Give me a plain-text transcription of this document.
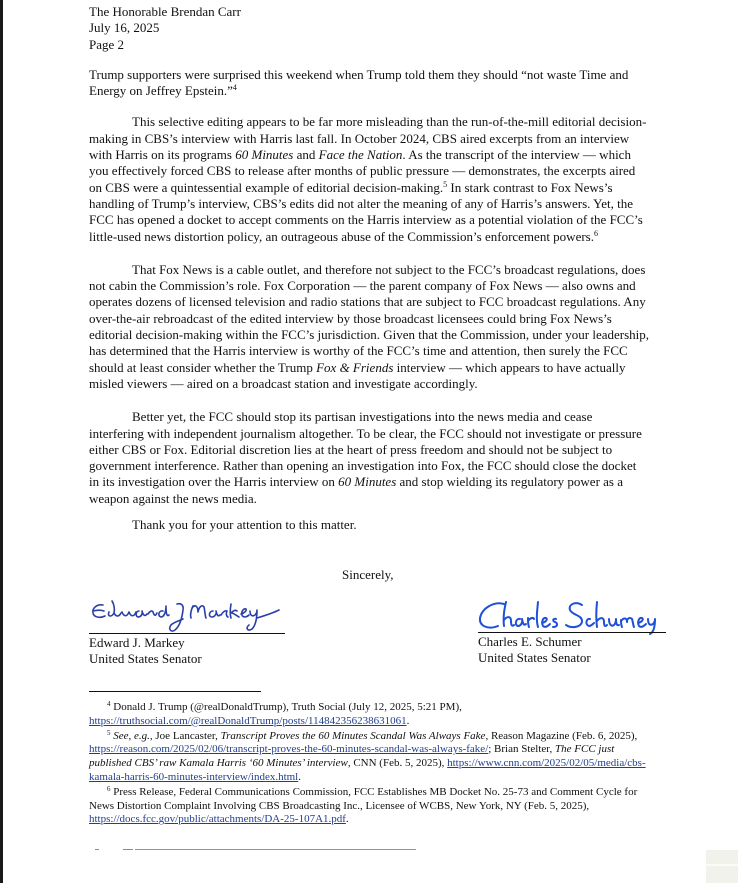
The Honorable Brendan Carr

July 16, 2025

Page 2

Trump supporters were surprised this weekend when Trump told them they should “not waste Time and Energy on Jeffrey Epstein.”$^4$

This selective editing appears to be far more misleading than the run-of-the-mill editorial decision-making in CBS’s interview with Harris last fall. In October 2024, CBS aired excerpts from an interview with Harris on its programs 60 Minutes and Face the Nation. As the transcript of the interview — which you effectively forced CBS to release after months of public pressure — demonstrates, the excerpts aired on CBS were a quintessential example of editorial decision-making.$^5$ In stark contrast to Fox News’s handling of Trump’s interview, CBS’s edits did not alter the meaning of any of Harris’s answers. Yet, the FCC has opened a docket to accept comments on the Harris interview as a potential violation of the FCC’s little-used news distortion policy, an outrageous abuse of the Commission’s enforcement powers.$^6$

That Fox News is a cable outlet, and therefore not subject to the FCC’s broadcast regulations, does not cabin the Commission’s role. Fox Corporation — the parent company of Fox News — also owns and operates dozens of licensed television and radio stations that are subject to FCC broadcast regulations. Any over-the-air rebroadcast of the edited interview by those broadcast licensees could bring Fox News’s editorial decision-making within the FCC’s jurisdiction. Given that the Commission, under your leadership, has determined that the Harris interview is worthy of the FCC’s time and attention, then surely the FCC should at least consider whether the Trump Fox & Friends interview — which appears to have actually misled viewers — aired on a broadcast station and investigate accordingly.

Better yet, the FCC should stop its partisan investigations into the news media and cease interfering with independent journalism altogether. To be clear, the FCC should not investigate or pressure either CBS or Fox. Editorial discretion lies at the heart of press freedom and should not be subject to government interference. Rather than opening an investigation into Fox, the FCC should close the docket in its investigation over the Harris interview on 60 Minutes and stop wielding its regulatory power as a weapon against the news media.

Thank you for your attention to this matter.

Sincerely,
Edward J. Markey
United States Senator
Charles E. Schumer
United States Senator

$^4$ Donald J. Trump (@realDonaldTrump), Truth Social (July 12, 2025, 5:21 PM), https://truthsocial.com/@realDonaldTrump/posts/114842356238631061.

$^5$ See, e.g., Joe Lancaster, Transcript Proves the 60 Minutes Scandal Was Always Fake, Reason Magazine (Feb. 6, 2025), https://reason.com/2025/02/06/transcript-proves-the-60-minutes-scandal-was-always-fake/; Brian Stelter, The FCC just published CBS’ raw Kamala Harris ‘60 Minutes’ interview, CNN (Feb. 5, 2025), https://www.cnn.com/2025/02/05/media/cbs-kamala-harris-60-minutes-interview/index.html.

$^6$ Press Release, Federal Communications Commission, FCC Establishes MB Docket No. 25-73 and Comment Cycle for News Distortion Complaint Involving CBS Broadcasting Inc., Licensee of WCBS, New York, NY (Feb. 5, 2025), https://docs.fcc.gov/public/attachments/DA-25-107A1.pdf.
